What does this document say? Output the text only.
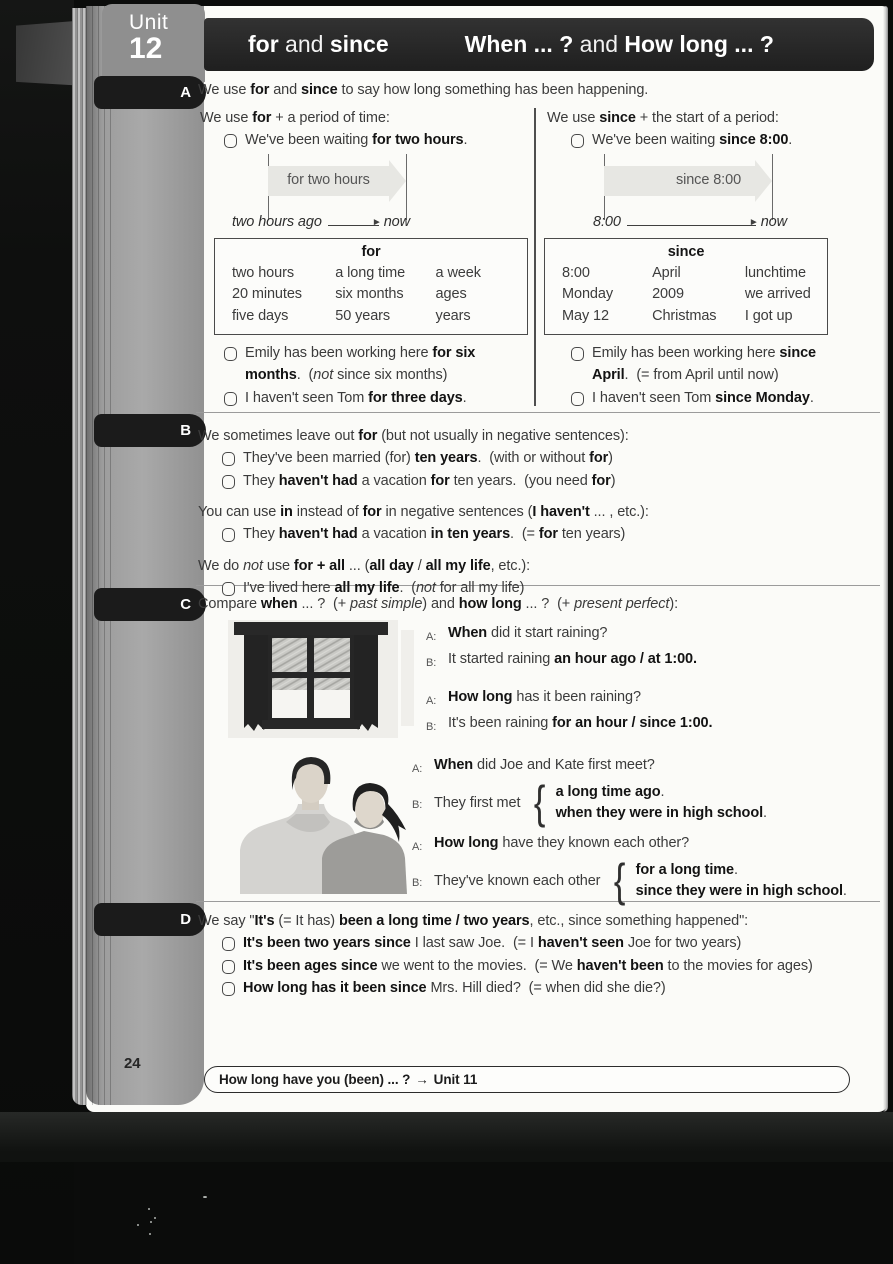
Unit
12	for and since	When ... ? and How long ... ?
A
B
C
D
We use for and since to say how long something has been happening.
We use for + a period of time:
We've been waiting for two hours.
for two hours
two hours ago	► now
for
two hours	a long time	a week
20 minutes	six months	ages
five days	50 years	years
Emily has been working here for six months.  (not since six months)
I haven't seen Tom for three days.
We use since + the start of a period:
We've been waiting since 8:00.
since 8:00
8:00	► now
since
8:00	April	lunchtime
Monday	2009	we arrived
May 12	Christmas	I got up
Emily has been working here since April.  (= from April until now)
I haven't seen Tom since Monday.
We sometimes leave out for (but not usually in negative sentences):
They've been married (for) ten years.  (with or without for)
They haven't had a vacation for ten years.  (you need for)
You can use in instead of for in negative sentences (I haven't ... , etc.):
They haven't had a vacation in ten years.  (= for ten years)
We do not use for + all ... (all day / all my life, etc.):
I've lived here all my life.  (not for all my life)
Compare when ... ?  (+ past simple) and how long ... ?  (+ present perfect):
A: When did it start raining?
B: It started raining an hour ago / at 1:00.
A: How long has it been raining?
B: It's been raining for an hour / since 1:00.
A: When did Joe and Kate first meet?
B: They first met { a long time ago.
when they were in high school.
A: How long have they known each other?
B: They've known each other { for a long time.
since they were in high school.
We say "It's (= It has) been a long time / two years, etc., since something happened":
It's been two years since I last saw Joe.  (= I haven't seen Joe for two years)
It's been ages since we went to the movies.  (= We haven't been to the movies for ages)
How long has it been since Mrs. Hill died?  (= when did she die?)
24
How long have you (been) ... ? → Unit 11
